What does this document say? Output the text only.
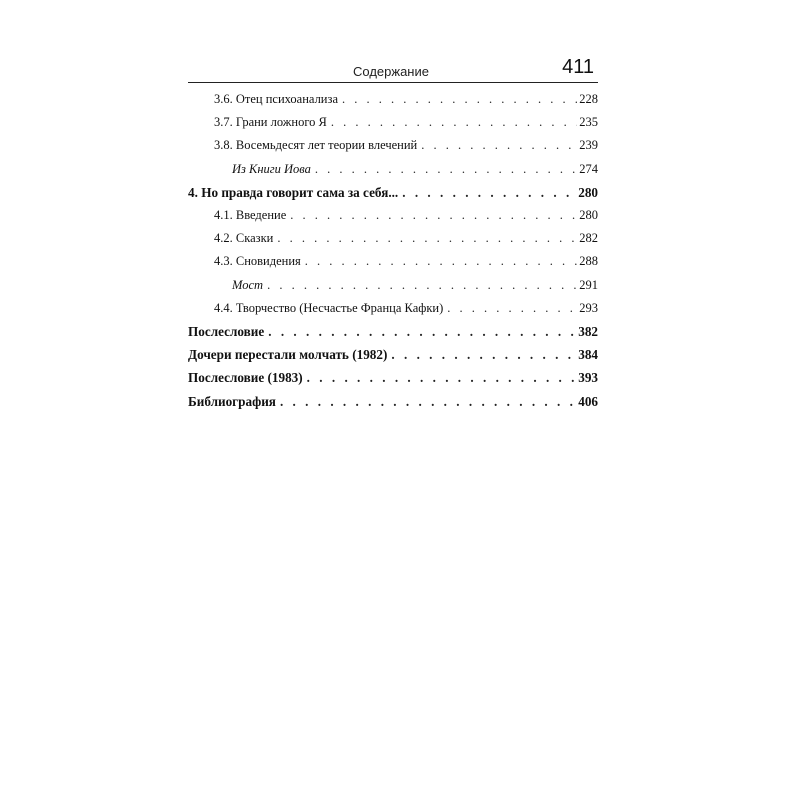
Содержание	411
3.6. Отец психоанализа . . .	228
3.7. Грани ложного Я . . .	235
3.8. Восемьдесят лет теории влечений . . .	239
Из Книги Иова . . .	274
4. Но правда говорит сама за себя... . . .	280
4.1. Введение . . .	280
4.2. Сказки . . .	282
4.3. Сновидения . . .	288
Мост . . .	291
4.4. Творчество (Несчастье Франца Кафки) . . .	293
Послесловие . . .	382
Дочери перестали молчать (1982) . . .	384
Послесловие (1983) . . .	393
Библиография . . .	406
